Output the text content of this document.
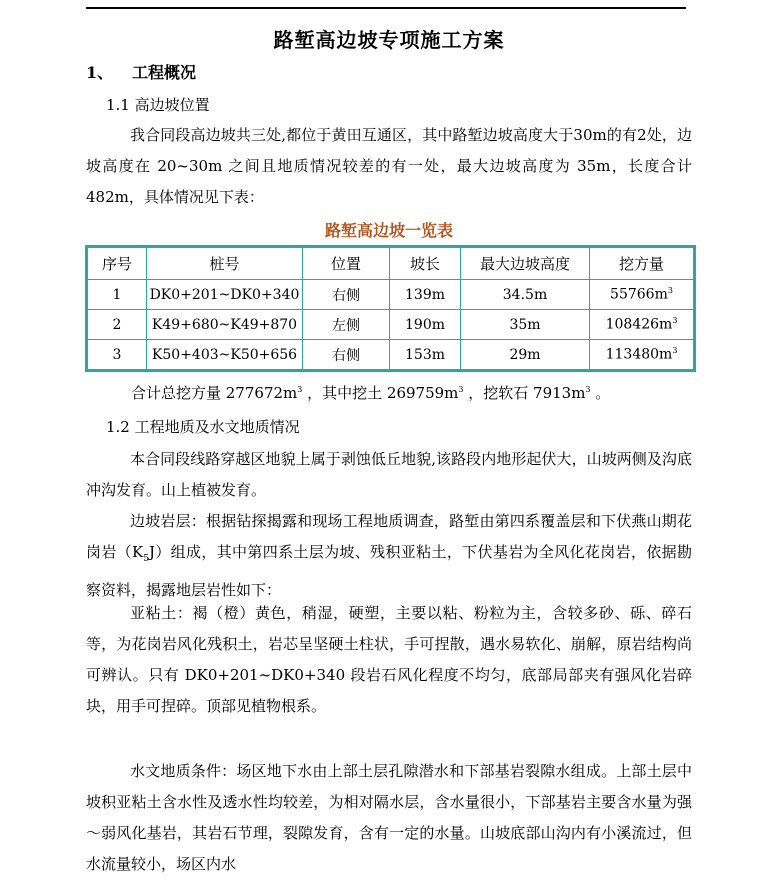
路堑高边坡专项施工方案
1、 工程概况
1.1 高边坡位置
我合同段高边坡共三处,都位于黄田互通区，其中路堑边坡高度大于30m的有2处，边坡高度在 20~30m 之间且地质情况较差的有一处，最大边坡高度为 35m，长度合计 482m，具体情况见下表：
路堑高边坡一览表
序号	桩号	位置	坡长	最大边坡高度	挖方量
1	DK0+201~DK0+340	右侧	139m	34.5m	$55766m^3$
2	K49+680~K49+870	左侧	190m	35m	$108426m^3$
3	K50+403~K50+656	右侧	153m	29m	$113480m^3$
合计总挖方量 $277672m^3$ ，其中挖土 $269759m^3$ ，挖软石 $7913m^3$ 。
1.2 工程地质及水文地质情况
本合同段线路穿越区地貌上属于剥蚀低丘地貌,该路段内地形起伏大，山坡两侧及沟底冲沟发育。山上植被发育。
边坡岩层：根据钻探揭露和现场工程地质调查，路堑由第四系覆盖层和下伏燕山期花岗岩$(K_5J)$组成，其中第四系土层为坡、残积亚粘土，下伏基岩为全风化花岗岩，依据勘察资料，揭露地层岩性如下：
亚粘土：褐（橙）黄色，稍湿，硬塑，主要以粘、粉粒为主，含较多砂、砾、碎石等，为花岗岩风化残积土，岩芯呈坚硬土柱状，手可捏散，遇水易软化、崩解，原岩结构尚可辨认。只有 DK0+201~DK0+340 段岩石风化程度不均匀，底部局部夹有强风化岩碎块，用手可捏碎。顶部见植物根系。
水文地质条件：场区地下水由上部土层孔隙潜水和下部基岩裂隙水组成。上部土层中坡积亚粘土含水性及透水性均较差，为相对隔水层，含水量很小，下部基岩主要含水量为强～弱风化基岩，其岩石节理，裂隙发育，含有一定的水量。山坡底部山沟内有小溪流过，但水流量较小，场区内水
